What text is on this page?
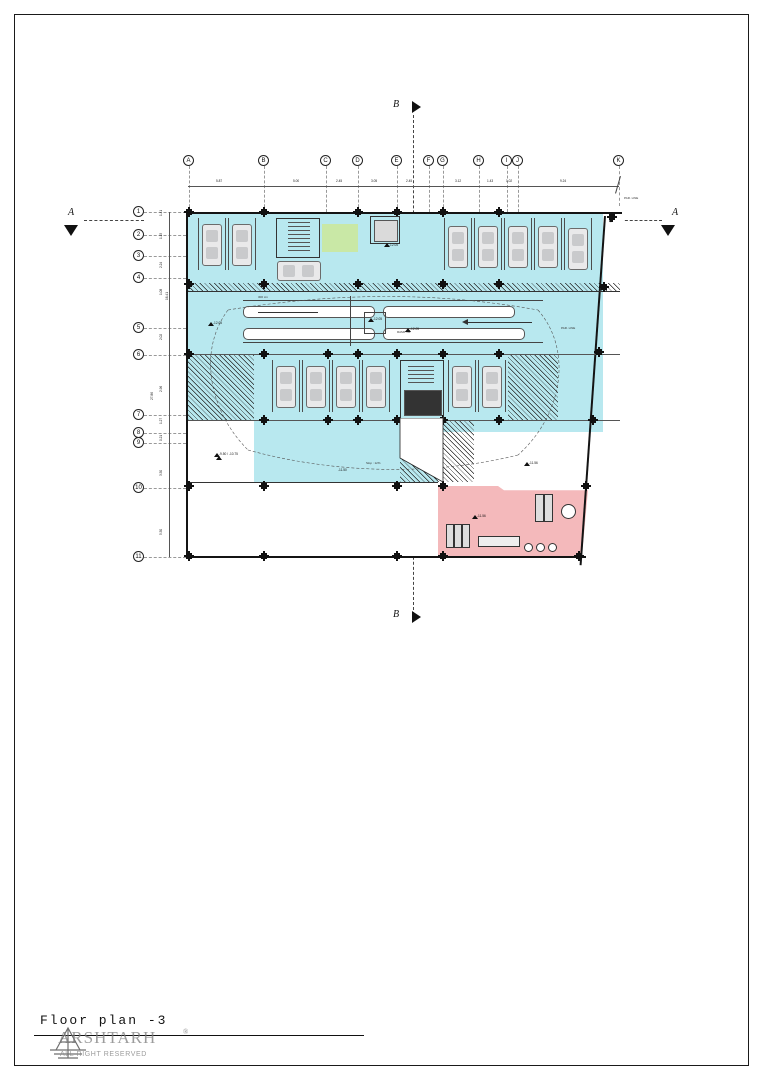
B
B
A	A
A	B	C	D	E	F	G	H	I	J	K
5.87	5.00	2.45	3.05	2.45	3.12	1.43	1.02	9.24
1
2
3
4
5
6
7
8
9
10
11
1.41
1.15
2.24
1.08
2.02
2.96
1.27
0.21
3.50
5.50
27.86
16.41
PAR. LINE
300 cm
RAMP UP
Slop : 12%
PAR. LINE
-12.05
-12.05
-12.05
-12.05
-9.50 / -10.75
-11.56
-11.56
-11.50
Floor plan -3
ARSHTARH
ALL RIGHT RESERVED
®
